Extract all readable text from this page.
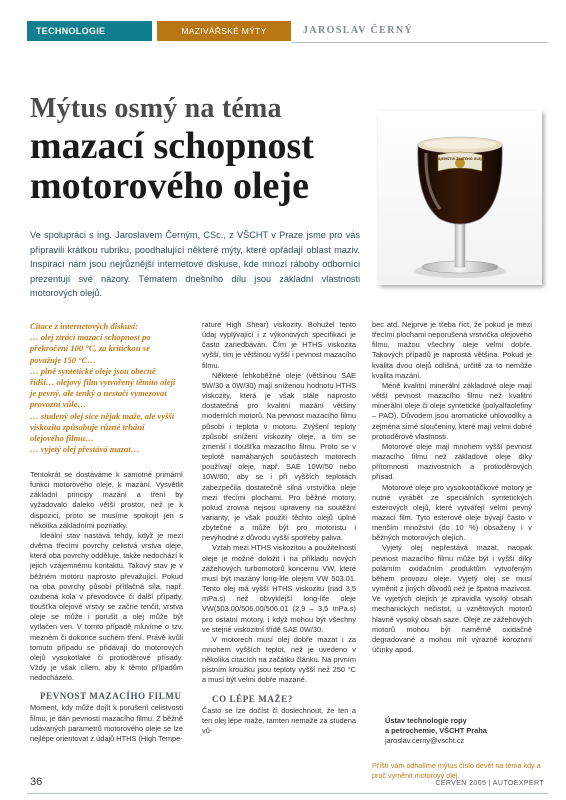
TECHNOLOGIE	MAZIVÁŘSKÉ MÝTY	JAROSLAV ČERNÝ
Mýtus osmý na téma
mazací schopnost
motorového oleje
TAJEMSTVÍ ZLATÉHO OLEJE

Ve spolupráci s ing. Jaroslavem Černým, CSc., z VŠCHT v Praze jsme pro vás připravili krátkou rubriku, poodhalující některé mýty, které opřádají oblast maziv. Inspirací nám jsou nejrůznější internetové diskuse, kde mnozí ráboby odborníci prezentují své názory. Tématem dnešního dílu jsou základní vlastnosti motorových olejů.

Citace z internetových diskusí:

… olej ztrácí mazací schopnost po překročení 100 °C, za kritickou se považuje 150 °C…

… plně syntetické oleje jsou obecně řidší… olejový film vytvořený těmito oleji je pevný, ale tenký a nestačí vymezovat provozní vůle…

… studený olej sice nějak maže, ale vyšší viskozita způsobuje různé trhání olejového filmu…

… vyjetý olej přestává mazat…

Tentokrát se dostáváme k samotné primární funkci motorového oleje, k mazání. Vysvětlit základní principy mazání a tření by vyžadovalo daleko větší prostor, než je k dispozici, proto se musíme spokojit jen s několika základními poznatky.

Ideální stav nastává tehdy, když je mezi dvěma třecími povrchy celistvá vrstva oleje, která oba povrchy odděluje, takže nedochází k jejich vzájemnému kontaktu. Takový stav je v běžném motoru naprosto převažující. Pokud na oba povrchy působí přítlačná síla, např. ozubená kola v převodovce či další případy, tloušťka olejové vrstvy se začne tenčit, vrstva oleje se může i porušit a olej může být vytlačen ven. V tomto případě mluvíme o tzv. mezném či dokonce suchém tření. Právě kvůli tomuto případu se přidávají do motorových olejů vysokotlaké či protioděrové přísady. Vždy je však cílem, aby k těmto případům nedocházelo.

PEVNOST MAZACÍHO FILMU

Moment, kdy může dojít k porušení celistvosti filmu, je dán pevností mazacího filmu. Z běžně udávaných parametrů motorového oleje se lze nejlépe orientovat z údajů HTHS (High Tempe-

rature High Shear) viskozity. Bohužel tento údaj vyplývající i z výkonových specifikací je často zanedbáván. Čím je HTHS viskozita vyšší, tím je většinou vyšší i pevnost mazacího filmu.

Některé lehkoběžné oleje (většinou SAE 5W/30 a 0W/30) mají sníženou hodnotu HTHS viskozity, která je však stále naprosto dostatečná pro kvalitní mazání většiny moderních motorů. Na pevnost mazacího filmu působí i teplota v motoru. Zvýšení teploty způsobí snížení viskozity oleje, a tím se zmenší i tloušťka mazacího filmu. Proto se v teplotě namáhaných součástech motorech používají oleje, např. SAE 10W/50 nebo 10W/60, aby se i při vyšších teplotách zabezpečila dostatečně silná vrstvička oleje mezi třecími plochami. Pro běžné motory, pokud zrovna nejsou upraveny na soutěžní varianty, je však použití těchto olejů úplně zbytečné a může být pro motoristu i nevýhodné z důvodu vyšší spotřeby paliva.

Vztah mezi HTHS viskozitou a použitelností oleje je možné doložit i na příkladu nových zážehových turbomotorů koncernu VW, které musí být mazány long-life olejem VW 503.01. Tento olej má vyšší HTHS viskozitu (nad 3,5 mPa.s) než obvyklejší long-life oleje VW(503.00/506.00/506.01 (2,9 – 3,5 mPa.s) pro ostatní motory, i když mohou být všechny ve stejné viskozitní třídě SAE 0W/30.

V motorech musí olej dobře mazat i za mnohem vyšších teplot, než je uvedeno v několika citacích na začátku článku. Na prvním pístním kroužku jsou teploty vyšší než 250 °C a musí být velmi dobře mazané.

CO LÉPE MAŽE?

Často se lze dočíst či doslechnout, že ten a ten olej lépe maže, tamten nemaže za studena vů-

bec atd. Nejprve je třeba říct, že pokud je mezi třecími plochami neporušená vrstvička olejového filmu, mažou všechny oleje velmi dobře. Takových případů je naprostá většina. Pokud je kvalita dvou olejů odlišná, určitě za to nemůže kvalita mazání.

Méně kvalitní minerální základové oleje mají větší pevnost mazacího filmu než kvalitní minerální oleje či oleje syntetické (polyalfaolefiny – PAO). Důvodem jsou aromatické uhlovodíky a zejména sirné sloučeniny, které mají velmi dobré protioděrové vlastnosti.

Motorové oleje mají mnohem vyšší pevnost mazacího filmu než základové oleje díky přítomnosti mazivostních a protioděrových přísad.

Motorové oleje pro vysokootáčkové motory je nutné vyrábět ze speciálních syntetických esterových olejů, které vytvářejí velmi pevný mazací film. Tyto esterové oleje bývají často v menším množství (do 10 %) obsaženy i v běžných motorových olejích.

Vyjetý olej nepřestává mazat, naopak pevnost mazacího filmu může být i vyšší díky polárním oxidačním produktům vytvořeným během provozu oleje. Vyjetý olej se musí vyměnit z jiných důvodů než je špatná mazivost. Ve vyjetých olejích je zpravidla vysoký obsah mechanických nečistot, u vznětových motorů hlavně vysoký obsah saze. Oleje ze zážehových motorů mohou být naměrně oxidačně degradované a mohou mít výrazně korozivní účinky apod.

Ústav technologie ropy
a petrochemie, VŠCHT Praha
jaroslav.cerny@vscht.cz

Příští vám odhalíme mýtus číslo devět na téma kdy a proč vyměnit motorový olej.

36	ČERVEN 2005 | AUTOEXPERT
